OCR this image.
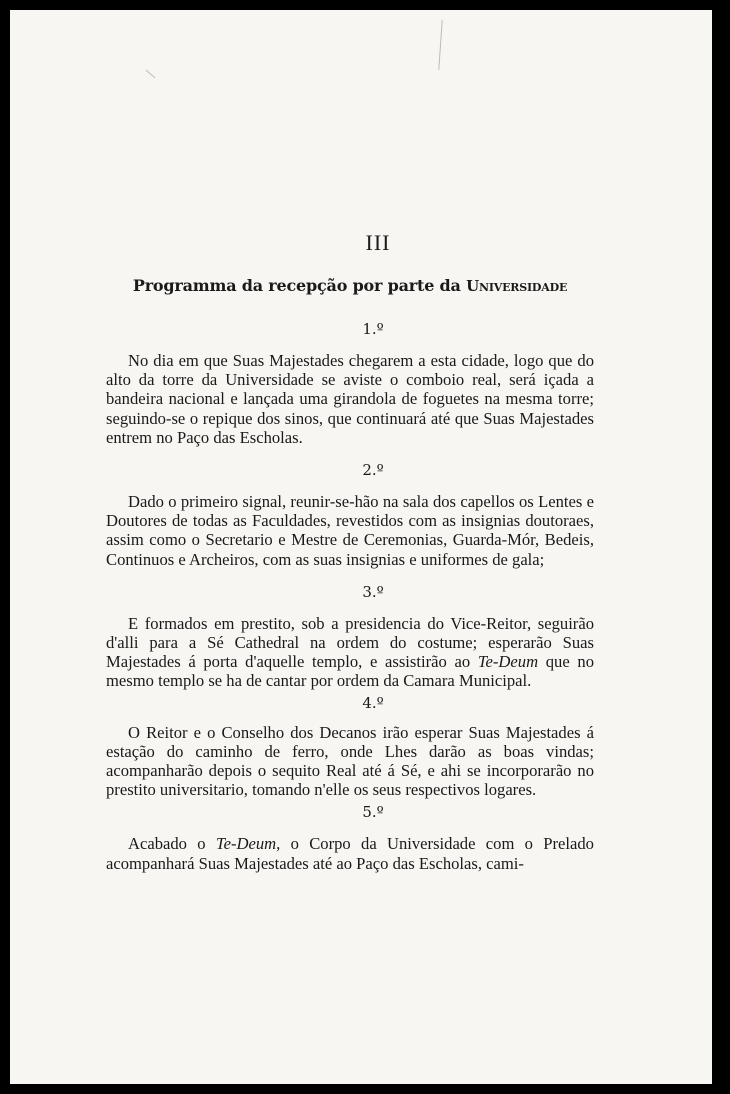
III
Programma da recepção por parte da Universidade
1.º
No dia em que Suas Majestades chegarem a esta cidade, logo que do alto da torre da Universidade se aviste o comboio real, será içada a bandeira nacional e lançada uma girandola de foguetes na mesma torre; seguindo-se o repique dos sinos, que continuará até que Suas Majestades entrem no Paço das Escholas.
2.º
Dado o primeiro signal, reunir-se-hão na sala dos capellos os Lentes e Doutores de todas as Faculdades, revestidos com as insignias doutoraes, assim como o Secretario e Mestre de Ceremonias, Guarda-Mór, Bedeis, Continuos e Archeiros, com as suas insignias e uniformes de gala;
3.º
E formados em prestito, sob a presidencia do Vice-Reitor, seguirão d'alli para a Sé Cathedral na ordem do costume; esperarão Suas Majestades á porta d'aquelle templo, e assistirão ao Te-Deum que no mesmo templo se ha de cantar por ordem da Camara Municipal.
4.º
O Reitor e o Conselho dos Decanos irão esperar Suas Majestades á estação do caminho de ferro, onde Lhes darão as boas vindas; acompanharão depois o sequito Real até á Sé, e ahi se incorporarão no prestito universitario, tomando n'elle os seus respectivos logares.
5.º
Acabado o Te-Deum, o Corpo da Universidade com o Prelado acompanhará Suas Majestades até ao Paço das Escholas, cami-
